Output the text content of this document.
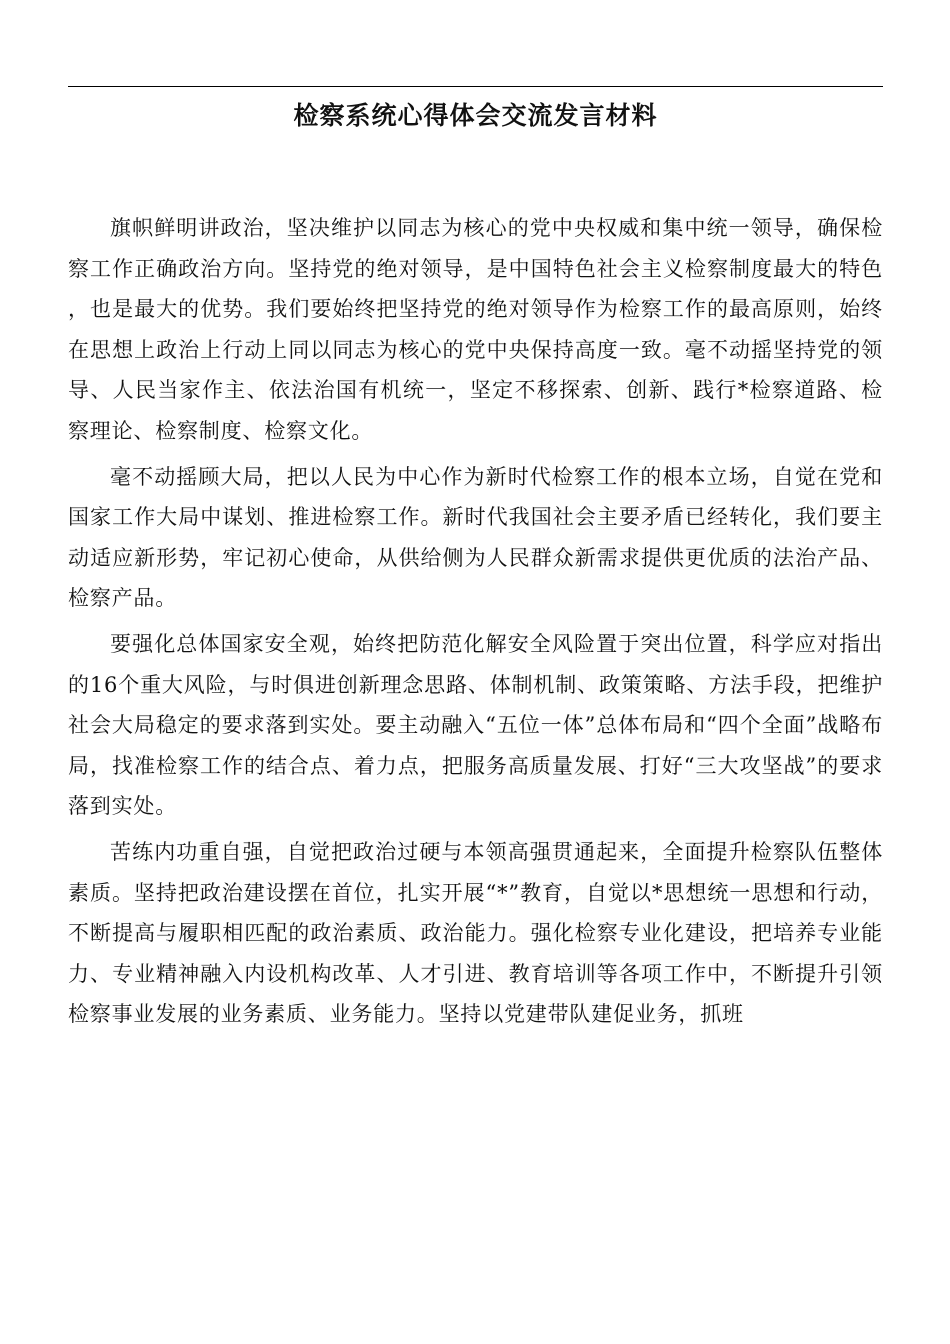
检察系统心得体会交流发言材料

旗帜鲜明讲政治，坚决维护以同志为核心的党中央权威和集中统一领导，确保检察工作正确政治方向。坚持党的绝对领导，是中国特色社会主义检察制度最大的特色，也是最大的优势。我们要始终把坚持党的绝对领导作为检察工作的最高原则，始终在思想上政治上行动上同以同志为核心的党中央保持高度一致。毫不动摇坚持党的领导、人民当家作主、依法治国有机统一，坚定不移探索、创新、践行*检察道路、检察理论、检察制度、检察文化。

毫不动摇顾大局，把以人民为中心作为新时代检察工作的根本立场，自觉在党和国家工作大局中谋划、推进检察工作。新时代我国社会主要矛盾已经转化，我们要主动适应新形势，牢记初心使命，从供给侧为人民群众新需求提供更优质的法治产品、检察产品。

要强化总体国家安全观，始终把防范化解安全风险置于突出位置，科学应对指出的16个重大风险，与时俱进创新理念思路、体制机制、政策策略、方法手段，把维护社会大局稳定的要求落到实处。要主动融入“五位一体”总体布局和“四个全面”战略布局，找准检察工作的结合点、着力点，把服务高质量发展、打好“三大攻坚战”的要求落到实处。

苦练内功重自强，自觉把政治过硬与本领高强贯通起来，全面提升检察队伍整体素质。坚持把政治建设摆在首位，扎实开展“*”教育，自觉以*思想统一思想和行动，不断提高与履职相匹配的政治素质、政治能力。强化检察专业化建设，把培养专业能力、专业精神融入内设机构改革、人才引进、教育培训等各项工作中，不断提升引领检察事业发展的业务素质、业务能力。坚持以党建带队建促业务，抓班
